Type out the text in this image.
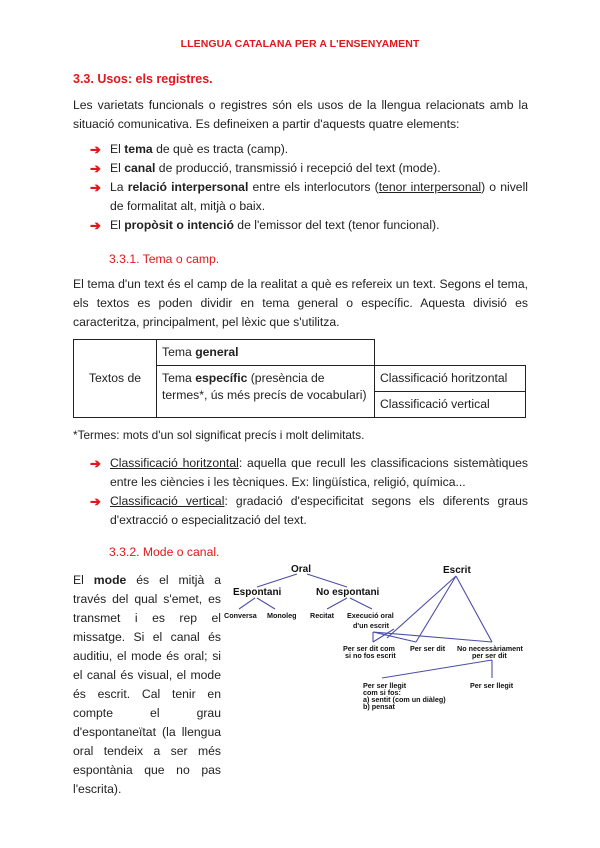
LLENGUA CATALANA PER A L'ENSENYAMENT
3.3. Usos: els registres.
Les varietats funcionals o registres són els usos de la llengua relacionats amb la situació comunicativa. Es defineixen a partir d'aquests quatre elements:
➔ El tema de què es tracta (camp).
➔ El canal de producció, transmissió i recepció del text (mode).
➔ La relació interpersonal entre els interlocutors (tenor interpersonal) o nivell de formalitat alt, mitjà o baix.
➔ El propòsit o intenció de l'emissor del text (tenor funcional).
3.3.1. Tema o camp.
El tema d'un text és el camp de la realitat a què es refereix un text. Segons el tema, els textos es poden dividir en tema general o específic. Aquesta divisió es caracteritza, principalment, pel lèxic que s'utilitza.
Textos de	Tema general	
	Tema específic (presència de termes*, ús més precís de vocabulari)	Classificació horitzontal
		Classificació vertical
*Termes: mots d'un sol significat precís i molt delimitats.
➔ Classificació horitzontal: aquella que recull les classificacions sistemàtiques entre les ciències i les tècniques. Ex: lingüística, religió, química...
➔ Classificació vertical: gradació d'especificitat segons els diferents graus d'extracció o especialització del text.
3.3.2. Mode o canal.
El mode és el mitjà a través del qual s'emet, es transmet i es rep el missatge. Si el canal és auditiu, el mode és oral; si el canal és visual, el mode és escrit. Cal tenir en compte el grau d'espontaneïtat (la llengua oral tendeix a ser més espontània que no pas l'escrita).
Oral
Espontani	No espontani
Conversa Monoleg Recitat Execució oral
d'un escrit
Escrit
Per ser dit com
si no fos escrit
Per ser dit No necessàriament
per ser dit
Per ser llegit
com si fos:
a) sentit (com un diàleg)
b) pensat
Per ser llegit
